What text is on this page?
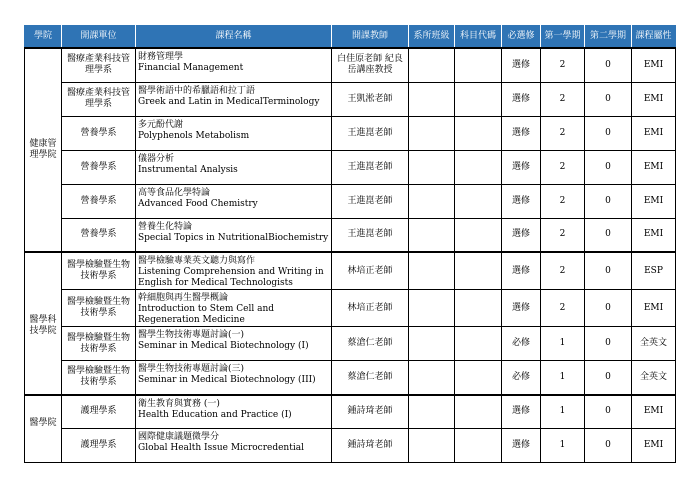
學院	開課單位	課程名稱	開課教師	系所班級	科目代碼	必選修	第一學期	第二學期	課程屬性
健康管理學院	醫療產業科技管理學系	財務管理學
Financial Management	白佳原老師 紀良岳講座教授			選修	2	0	EMI
	醫療產業科技管理學系	醫學術語中的希臘語和拉丁語
Greek and Latin in MedicalTerminology	王凱淞老師			選修	2	0	EMI
	營養學系	多元酚代謝
Polyphenols Metabolism	王進崑老師			選修	2	0	EMI
	營養學系	儀器分析
Instrumental Analysis	王進崑老師			選修	2	0	EMI
	營養學系	高等食品化學特論
Advanced Food Chemistry	王進崑老師			選修	2	0	EMI
	營養學系	營養生化特論
Special Topics in NutritionalBiochemistry	王進崑老師			選修	2	0	EMI
醫學科技學院	醫學檢驗暨生物技術學系	醫學檢驗專業英文聽力與寫作
Listening Comprehension and Writing in English for Medical Technologists	林培正老師			選修	2	0	ESP
	醫學檢驗暨生物技術學系	幹細胞與再生醫學概論
Introduction to Stem Cell and Regeneration Medicine	林培正老師			選修	2	0	EMI
	醫學檢驗暨生物技術學系	醫學生物技術專題討論(一)
Seminar in Medical Biotechnology (I)	蔡滄仁老師			必修	1	0	全英文
	醫學檢驗暨生物技術學系	醫學生物技術專題討論(三)
Seminar in Medical Biotechnology (III)	蔡滄仁老師			必修	1	0	全英文
醫學院	護理學系	衛生教育與實務 (一)
Health Education and Practice (I)	鍾詩琦老師			選修	1	0	EMI
	護理學系	國際健康議題微學分
Global Health Issue Microcredential	鍾詩琦老師			選修	1	0	EMI
